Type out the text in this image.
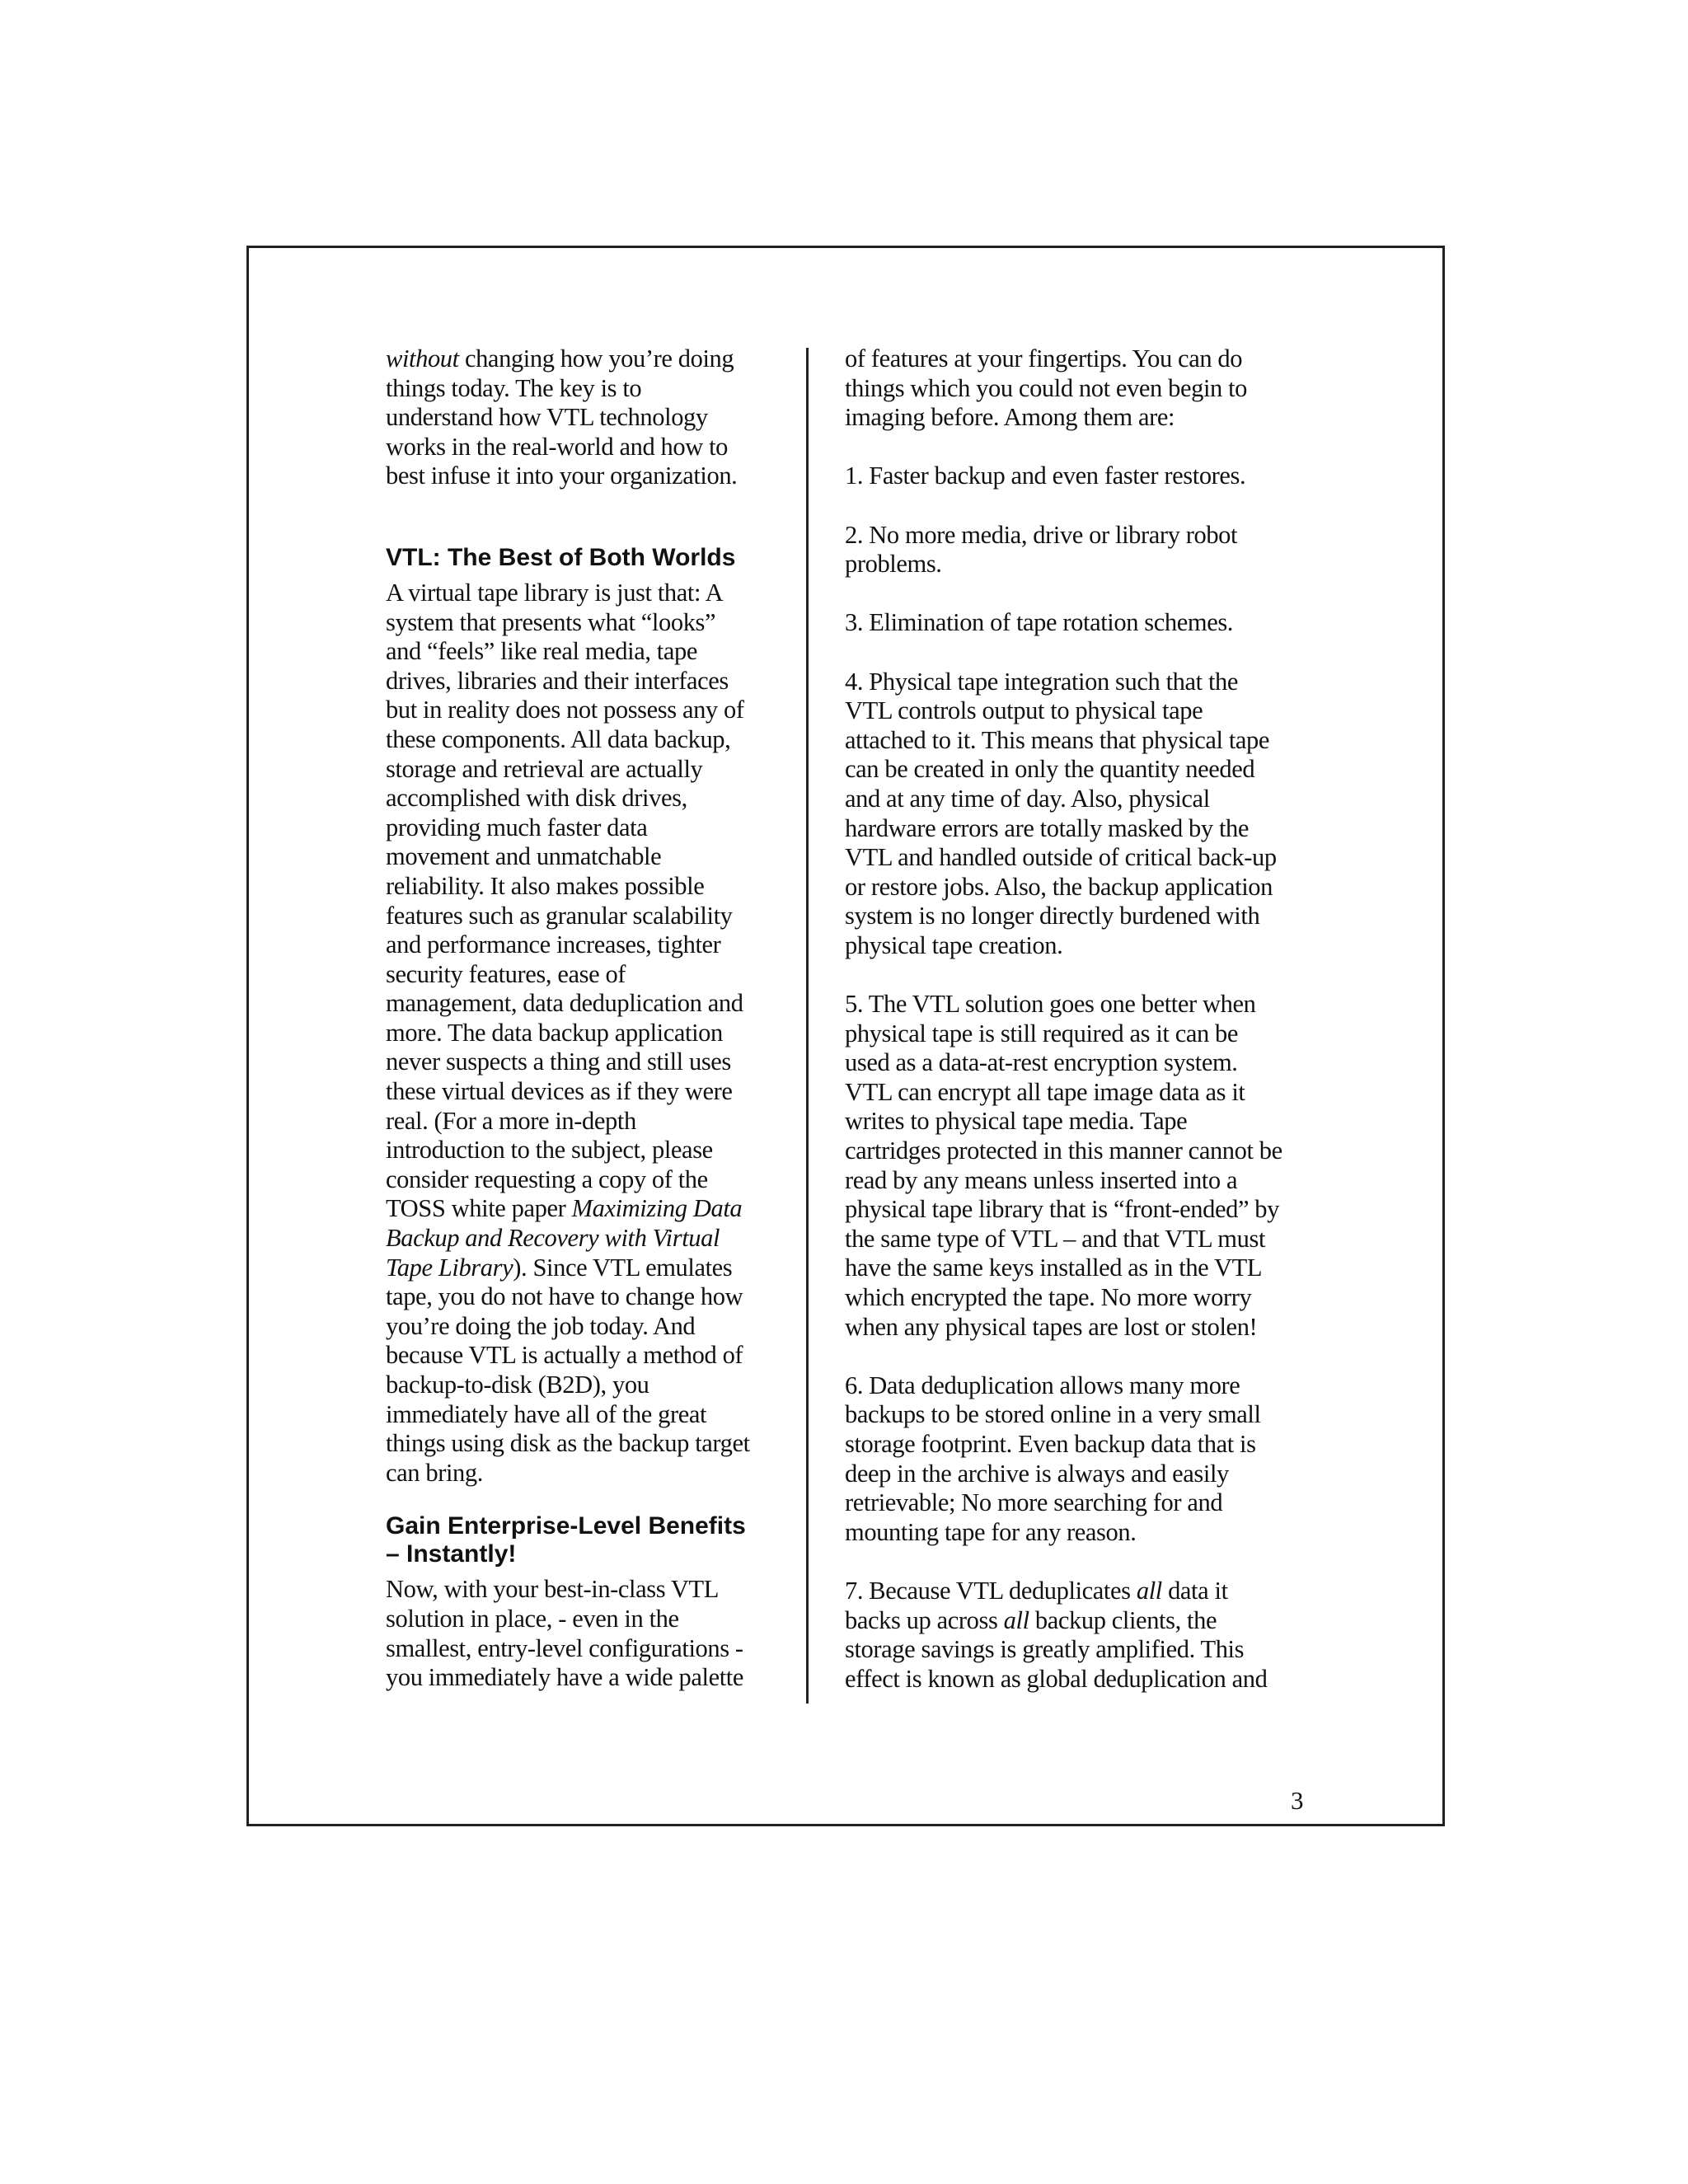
without changing how you’re doing
things today. The key is to
understand how VTL technology
works in the real-world and how to
best infuse it into your organization.
VTL: The Best of Both Worlds
A virtual tape library is just that: A
system that presents what “looks”
and “feels” like real media, tape
drives, libraries and their interfaces
but in reality does not possess any of
these components. All data backup,
storage and retrieval are actually
accomplished with disk drives,
providing much faster data
movement and unmatchable
reliability. It also makes possible
features such as granular scalability
and performance increases, tighter
security features, ease of
management, data deduplication and
more. The data backup application
never suspects a thing and still uses
these virtual devices as if they were
real. (For a more in-depth
introduction to the subject, please
consider requesting a copy of the
TOSS white paper Maximizing Data
Backup and Recovery with Virtual
Tape Library). Since VTL emulates
tape, you do not have to change how
you’re doing the job today. And
because VTL is actually a method of
backup-to-disk (B2D), you
immediately have all of the great
things using disk as the backup target
can bring.
Gain Enterprise-Level Benefits
– Instantly!
Now, with your best-in-class VTL
solution in place, - even in the
smallest, entry-level configurations -
you immediately have a wide palette
of features at your fingertips. You can do
things which you could not even begin to
imaging before. Among them are:
1. Faster backup and even faster restores.
2. No more media, drive or library robot
problems.
3. Elimination of tape rotation schemes.
4. Physical tape integration such that the
VTL controls output to physical tape
attached to it. This means that physical tape
can be created in only the quantity needed
and at any time of day. Also, physical
hardware errors are totally masked by the
VTL and handled outside of critical back-up
or restore jobs. Also, the backup application
system is no longer directly burdened with
physical tape creation.
5. The VTL solution goes one better when
physical tape is still required as it can be
used as a data-at-rest encryption system.
VTL can encrypt all tape image data as it
writes to physical tape media. Tape
cartridges protected in this manner cannot be
read by any means unless inserted into a
physical tape library that is “front-ended” by
the same type of VTL – and that VTL must
have the same keys installed as in the VTL
which encrypted the tape. No more worry
when any physical tapes are lost or stolen!
6. Data deduplication allows many more
backups to be stored online in a very small
storage footprint. Even backup data that is
deep in the archive is always and easily
retrievable; No more searching for and
mounting tape for any reason.
7. Because VTL deduplicates all data it
backs up across all backup clients, the
storage savings is greatly amplified. This
effect is known as global deduplication and
3
